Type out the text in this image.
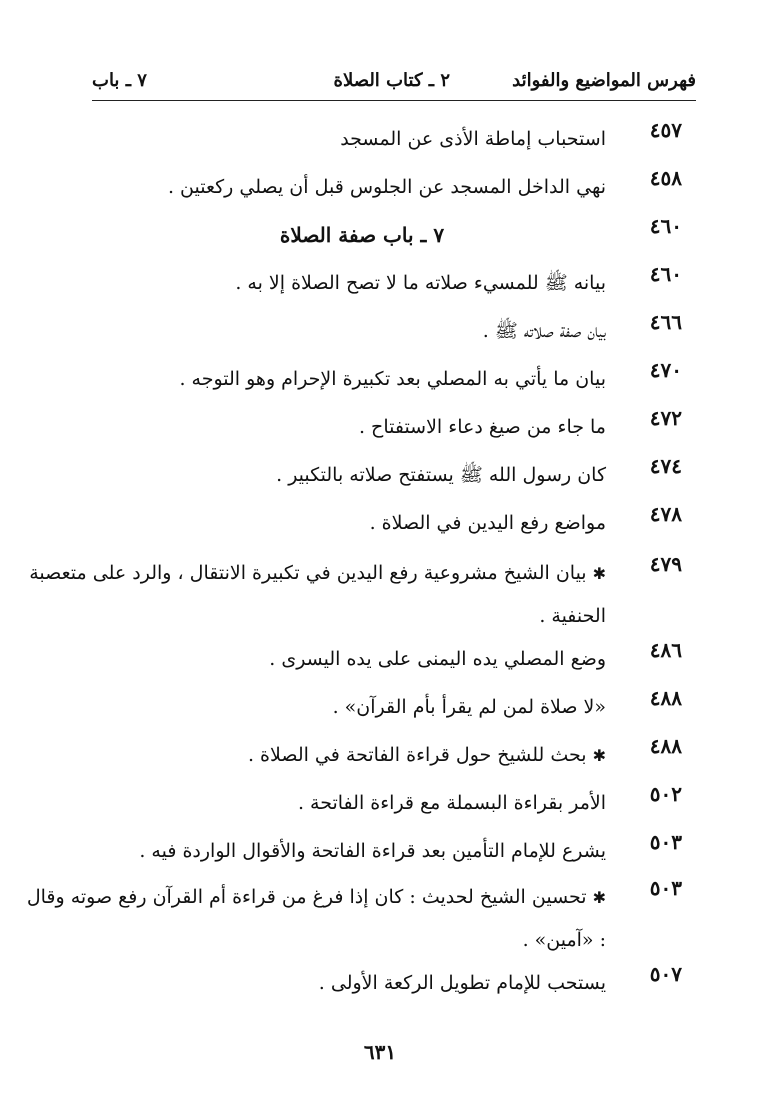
فهرس المواضيع والفوائد
٢ ـ كتاب الصلاة
٧ ـ باب
٤٥٧
استحباب إماطة الأذى عن المسجد
٤٥٨
نهي الداخل المسجد عن الجلوس قبل أن يصلي ركعتين .
٤٦٠
٧ ـ باب صفة الصلاة
٤٦٠
بيانه ﷺ للمسيء صلاته ما لا تصح الصلاة إلا به .
٤٦٦
بيان صفة صلاته ﷺ .
٤٧٠
بيان ما يأتي به المصلي بعد تكبيرة الإحرام وهو التوجه .
٤٧٢
ما جاء من صيغ دعاء الاستفتاح .
٤٧٤
كان رسول الله ﷺ يستفتح صلاته بالتكبير .
٤٧٨
مواضع رفع اليدين في الصلاة .
٤٧٩
✱بيان الشيخ مشروعية رفع اليدين في تكبيرة الانتقال ، والرد على متعصبة الحنفية .
٤٨٦
وضع المصلي يده اليمنى على يده اليسرى .
٤٨٨
«لا صلاة لمن لم يقرأ بأم القرآن» .
٤٨٨
✱بحث للشيخ حول قراءة الفاتحة في الصلاة .
٥٠٢
الأمر بقراءة البسملة مع قراءة الفاتحة .
٥٠٣
يشرع للإمام التأمين بعد قراءة الفاتحة والأقوال الواردة فيه .
٥٠٣
✱تحسين الشيخ لحديث : كان إذا فرغ من قراءة أم القرآن رفع صوته وقال : «آمين» .
٥٠٧
يستحب للإمام تطويل الركعة الأولى .
٦٣١
